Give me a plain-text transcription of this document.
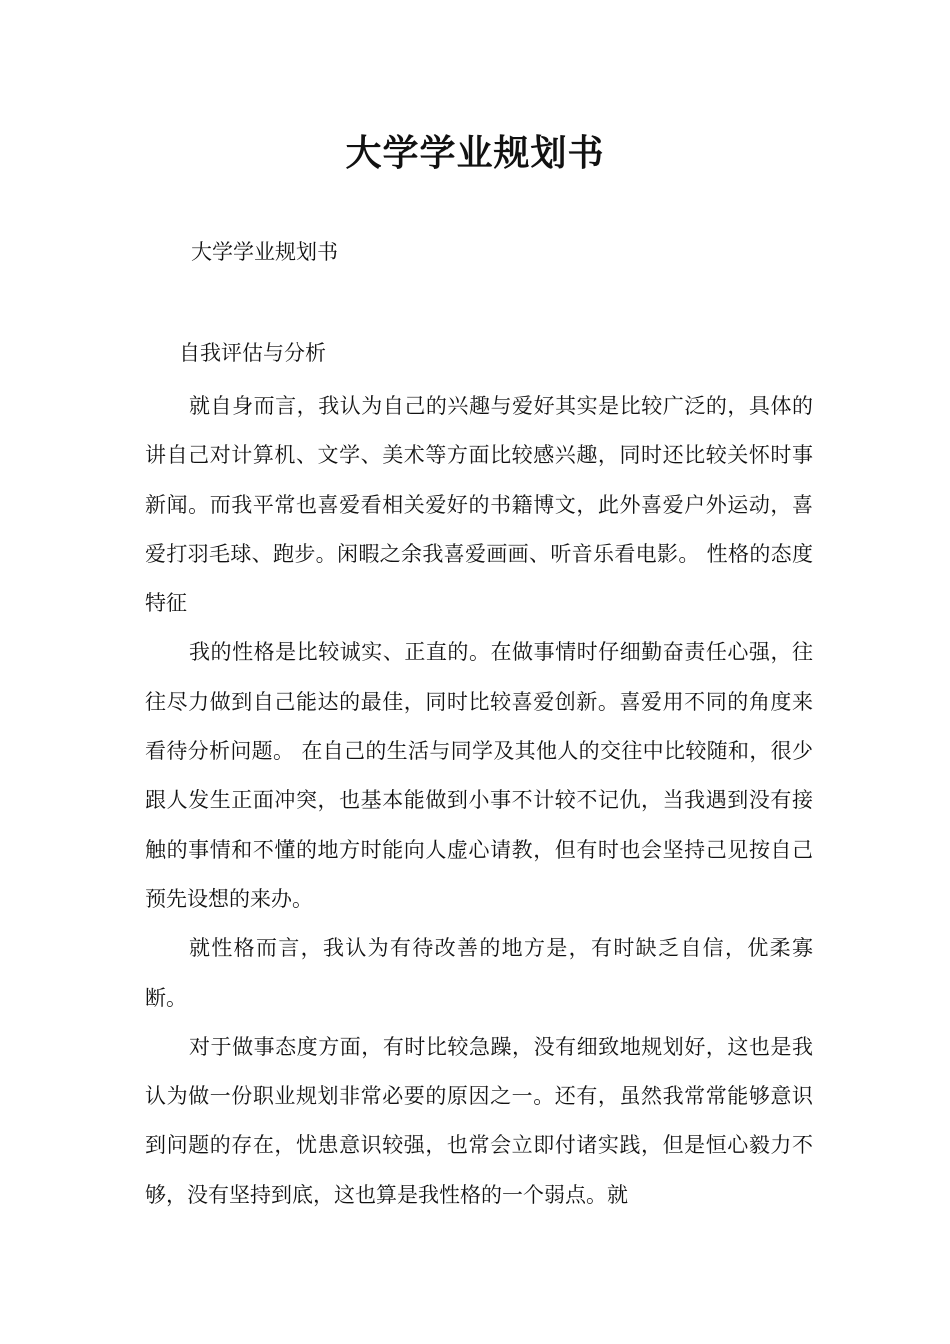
大学学业规划书
大学学业规划书
自我评估与分析

就自身而言，我认为自己的兴趣与爱好其实是比较广泛的，具体的讲自己对计算机、文学、美术等方面比较感兴趣，同时还比较关怀时事新闻。而我平常也喜爱看相关爱好的书籍博文，此外喜爱户外运动，喜爱打羽毛球、跑步。闲暇之余我喜爱画画、听音乐看电影。 性格的态度特征

我的性格是比较诚实、正直的。在做事情时仔细勤奋责任心强，往往尽力做到自己能达的最佳，同时比较喜爱创新。喜爱用不同的角度来看待分析问题。 在自己的生活与同学及其他人的交往中比较随和，很少跟人发生正面冲突，也基本能做到小事不计较不记仇，当我遇到没有接触的事情和不懂的地方时能向人虚心请教，但有时也会坚持己见按自己预先设想的来办。

就性格而言，我认为有待改善的地方是，有时缺乏自信，优柔寡断。

对于做事态度方面，有时比较急躁，没有细致地规划好，这也是我认为做一份职业规划非常必要的原因之一。还有，虽然我常常能够意识到问题的存在，忧患意识较强，也常会立即付诸实践，但是恒心毅力不够，没有坚持到底，这也算是我性格的一个弱点。就
